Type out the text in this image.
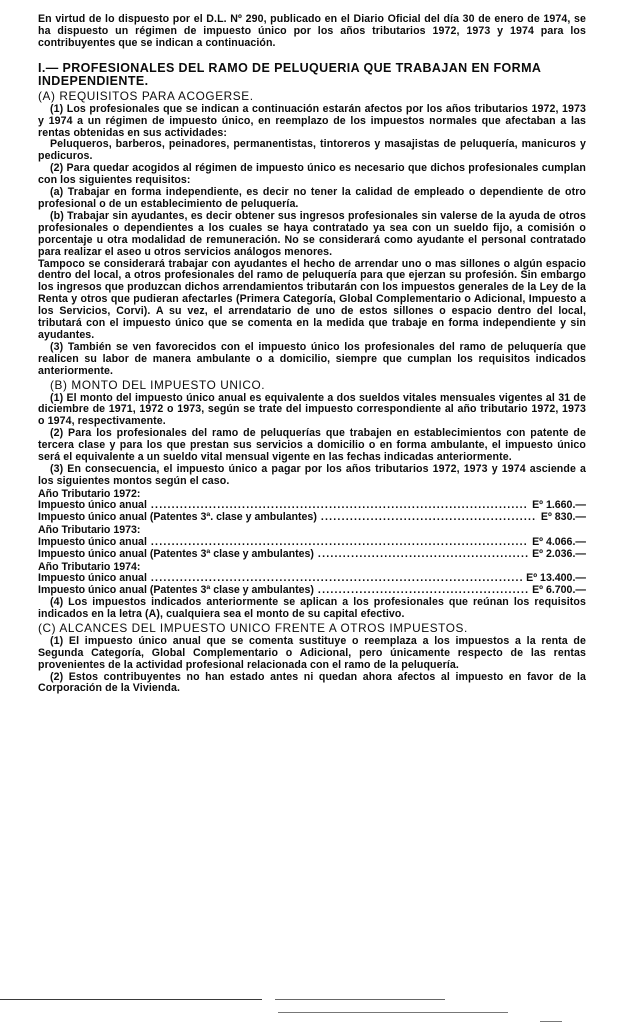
En virtud de lo dispuesto por el D.L. Nº 290, publicado en el Diario Oficial del día 30 de enero de 1974, se ha dispuesto un régimen de impuesto único por los años tributarios 1972, 1973 y 1974 para los contribuyentes que se indican a continuación.

I.— PROFESIONALES DEL RAMO DE PELUQUERIA QUE TRABAJAN EN FORMA INDEPENDIENTE.
(A) REQUISITOS PARA ACOGERSE.

(1) Los profesionales que se indican a continuación estarán afectos por los años tributarios 1972, 1973 y 1974 a un régimen de impuesto único, en reemplazo de los impuestos normales que afectaban a las rentas obtenidas en sus actividades:

Peluqueros, barberos, peinadores, permanentistas, tintoreros y masajistas de peluquería, manicuros y pedicuros.

(2) Para quedar acogidos al régimen de impuesto único es necesario que dichos profesionales cumplan con los siguientes requisitos:

(a) Trabajar en forma independiente, es decir no tener la calidad de empleado o dependiente de otro profesional o de un establecimiento de peluquería.

(b) Trabajar sin ayudantes, es decir obtener sus ingresos profesionales sin valerse de la ayuda de otros profesionales o dependientes a los cuales se haya contratado ya sea con un sueldo fijo, a comisión o porcentaje u otra modalidad de remuneración. No se considerará como ayudante el personal contratado para realizar el aseo u otros servicios análogos menores.

Tampoco se considerará trabajar con ayudantes el hecho de arrendar uno o mas sillones o algún espacio dentro del local, a otros profesionales del ramo de peluquería para que ejerzan su profesión. Sin embargo los ingresos que produzcan dichos arrendamientos tributarán con los impuestos generales de la Ley de la Renta y otros que pudieran afectarles (Primera Categoría, Global Complementario o Adicional, Impuesto a los Servicios, Corvi). A su vez, el arrendatario de uno de estos sillones o espacio dentro del local, tributará con el impuesto único que se comenta en la medida que trabaje en forma independiente y sin ayudantes.

(3) También se ven favorecidos con el impuesto único los profesionales del ramo de peluquería que realicen su labor de manera ambulante o a domicilio, siempre que cumplan los requisitos indicados anteriormente.

(B) MONTO DEL IMPUESTO UNICO.

(1) El monto del impuesto único anual es equivalente a dos sueldos vitales mensuales vigentes al 31 de diciembre de 1971, 1972 o 1973, según se trate del impuesto correspondiente al año tributario 1972, 1973 o 1974, respectivamente.

(2) Para los profesionales del ramo de peluquerías que trabajen en establecimientos con patente de tercera clase y para los que prestan sus servicios a domicilio o en forma ambulante, el impuesto único será el equivalente a un sueldo vital mensual vigente en las fechas indicadas anteriormente.

(3) En consecuencia, el impuesto único a pagar por los años tributarios 1972, 1973 y 1974 asciende a los siguientes montos según el caso.

Año Tributario 1972:
Impuesto único anual .....	Eº 1.660.—
Impuesto único anual (Patentes 3ª. clase y ambulantes) .....	Eº 830.—
Año Tributario 1973:
Impuesto único anual .....	Eº 4.066.—
Impuesto único anual (Patentes 3ª clase y ambulantes) .....	Eº 2.036.—
Año Tributario 1974:
Impuesto único anual .....	Eº 13.400.—
Impuesto único anual (Patentes 3ª clase y ambulantes) .....	Eº 6.700.—

(4) Los impuestos indicados anteriormente se aplican a los profesionales que reúnan los requisitos indicados en la letra (A), cualquiera sea el monto de su capital efectivo.

(C) ALCANCES DEL IMPUESTO UNICO FRENTE A OTROS IMPUESTOS.

(1) El impuesto único anual que se comenta sustituye o reemplaza a los impuestos a la renta de Segunda Categoría, Global Complementario o Adicional, pero únicamente respecto de las rentas provenientes de la actividad profesional relacionada con el ramo de la peluquería.

(2) Estos contribuyentes no han estado antes ni quedan ahora afectos al impuesto en favor de la Corporación de la Vivienda.
